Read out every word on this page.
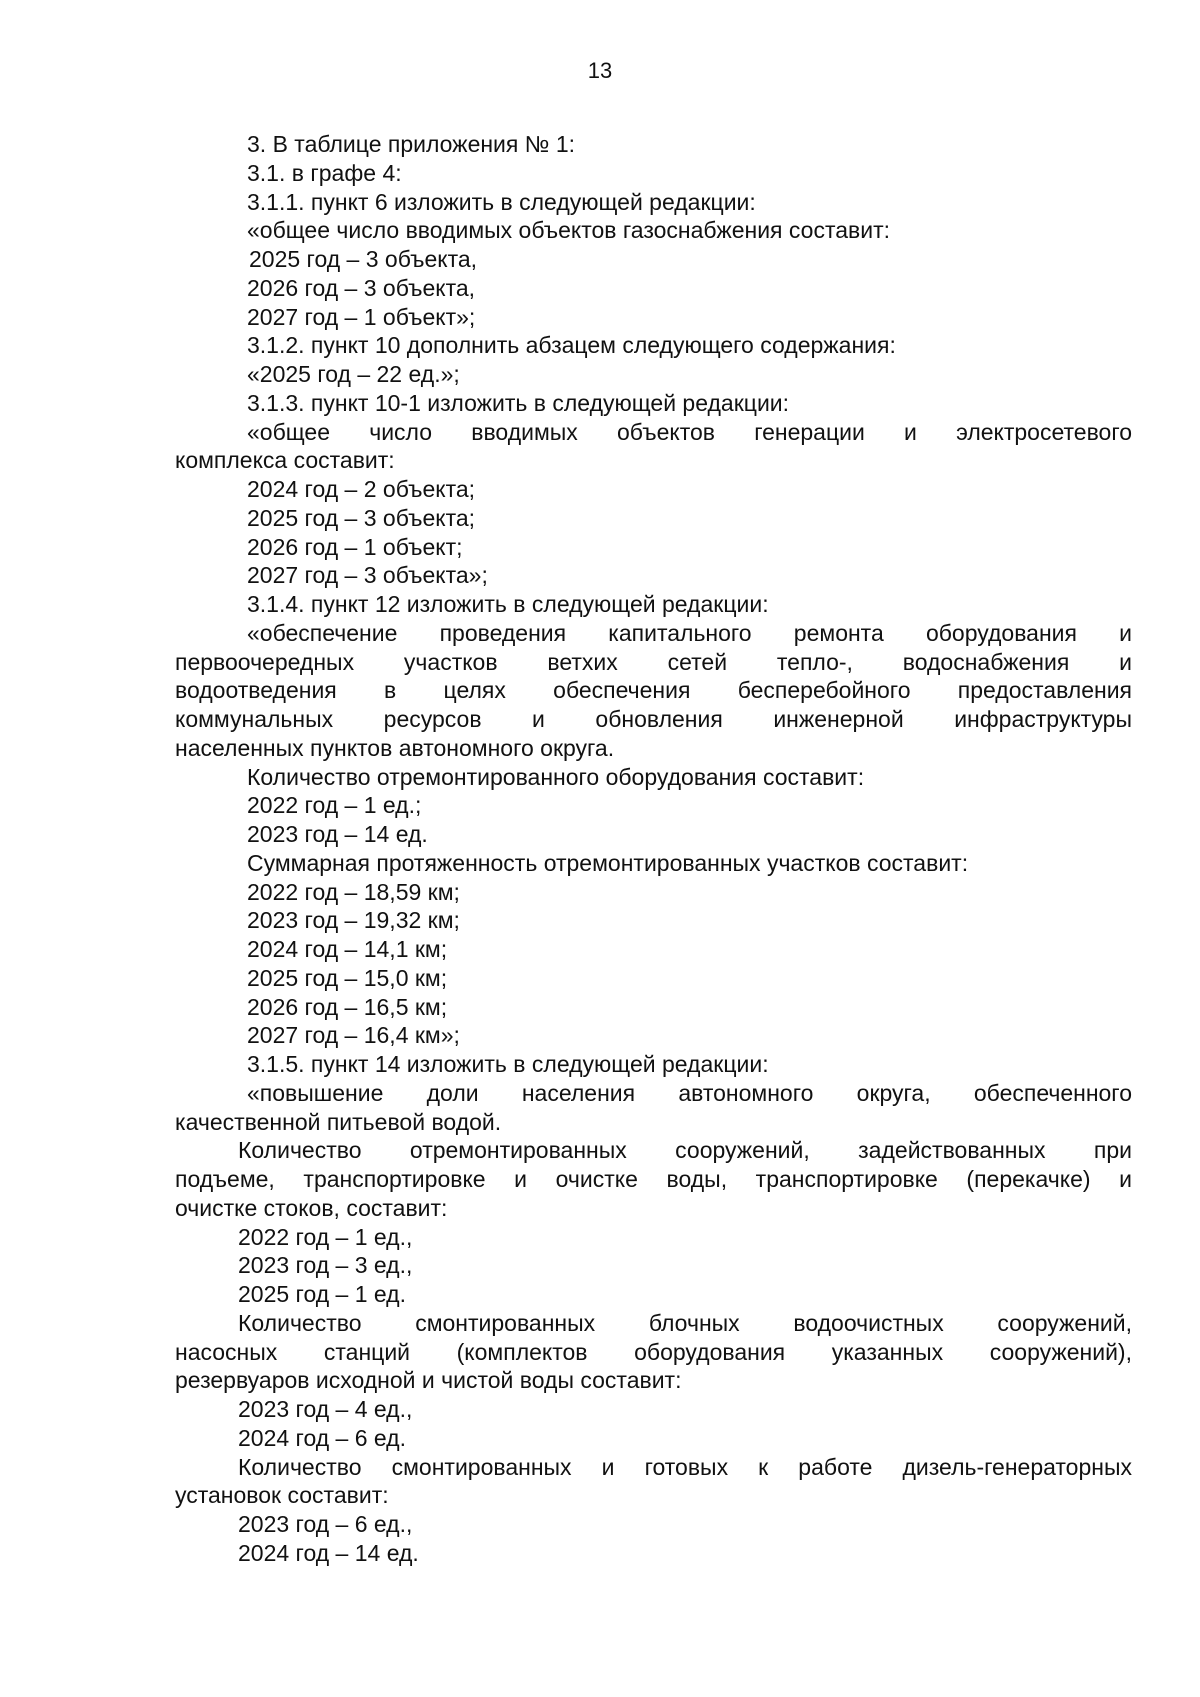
13
3. В таблице приложения № 1:
3.1. в графе 4:
3.1.1. пункт 6 изложить в следующей редакции:
«общее число вводимых объектов газоснабжения составит:
2025 год – 3 объекта,
2026 год – 3 объекта,
2027 год – 1 объект»;
3.1.2. пункт 10 дополнить абзацем следующего содержания:
«2025 год – 22 ед.»;
3.1.3. пункт 10-1 изложить в следующей редакции:
«общее число вводимых объектов генерации и электросетевого
комплекса составит:
2024 год – 2 объекта;
2025 год – 3 объекта;
2026 год – 1 объект;
2027 год – 3 объекта»;
3.1.4. пункт 12 изложить в следующей редакции:
«обеспечение проведения капитального ремонта оборудования и
первоочередных участков ветхих сетей тепло-, водоснабжения и
водоотведения в целях обеспечения бесперебойного предоставления
коммунальных ресурсов и обновления инженерной инфраструктуры
населенных пунктов автономного округа.
Количество отремонтированного оборудования составит:
2022 год – 1 ед.;
2023 год – 14 ед.
Суммарная протяженность отремонтированных участков составит:
2022 год – 18,59 км;
2023 год – 19,32 км;
2024 год – 14,1 км;
2025 год – 15,0 км;
2026 год – 16,5 км;
2027 год – 16,4 км»;
3.1.5. пункт 14 изложить в следующей редакции:
«повышение доли населения автономного округа, обеспеченного
качественной питьевой водой.
Количество отремонтированных сооружений, задействованных при
подъеме, транспортировке и очистке воды, транспортировке (перекачке) и
очистке стоков, составит:
2022 год – 1 ед.,
2023 год – 3 ед.,
2025 год – 1 ед.
Количество смонтированных блочных водоочистных сооружений,
насосных станций (комплектов оборудования указанных сооружений),
резервуаров исходной и чистой воды составит:
2023 год – 4 ед.,
2024 год – 6 ед.
Количество смонтированных и готовых к работе дизель-генераторных
установок составит:
2023 год – 6 ед.,
2024 год – 14 ед.
